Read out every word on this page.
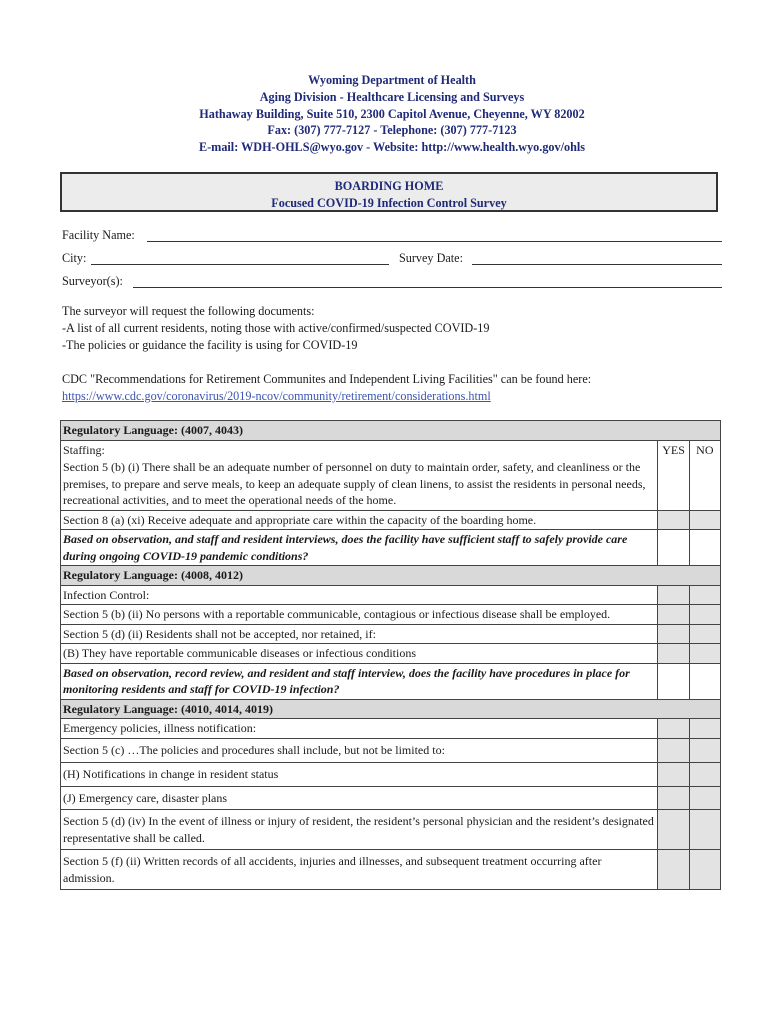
Wyoming Department of Health
Aging Division - Healthcare Licensing and Surveys
Hathaway Building, Suite 510, 2300 Capitol Avenue, Cheyenne, WY 82002
Fax: (307) 777-7127 - Telephone: (307) 777-7123
E-mail: WDH-OHLS@wyo.gov - Website: http://www.health.wyo.gov/ohls
BOARDING HOME
Focused COVID-19 Infection Control Survey
Facility Name:
City:	Survey Date:
Surveyor(s):
The surveyor will request the following documents:
-A list of all current residents, noting those with active/confirmed/suspected COVID-19
-The policies or guidance the facility is using for COVID-19
CDC "Recommendations for Retirement Communites and Independent Living Facilities" can be found here:
https://www.cdc.gov/coronavirus/2019-ncov/community/retirement/considerations.html
Regulatory Language: (4007, 4043)		
Staffing:	YES	NO
Section 5 (b) (i) There shall be an adequate number of personnel on duty to maintain order, safety, and cleanliness or the premises, to prepare and serve meals, to keep an adequate supply of clean linens, to assist the residents in personal needs, recreational activities, and to meet the operational needs of the home.		
Section 8 (a) (xi) Receive adequate and appropriate care within the capacity of the boarding home.		
Based on observation, and staff and resident interviews, does the facility have sufficient staff to safely provide care during ongoing COVID-19 pandemic conditions?		
Regulatory Language: (4008, 4012)		
Infection Control:		
Section 5 (b) (ii) No persons with a reportable communicable, contagious or infectious disease shall be employed.		
Section 5 (d) (ii) Residents shall not be accepted, nor retained, if:		
(B) They have reportable communicable diseases or infectious conditions		
Based on observation, record review, and resident and staff interview, does the facility have procedures in place for monitoring residents and staff for COVID-19 infection?		
Regulatory Language: (4010, 4014, 4019)		
Emergency policies, illness notification:		
Section 5 (c) …The policies and procedures shall include, but not be limited to:		
(H) Notifications in change in resident status		
(J) Emergency care, disaster plans		
Section 5 (d) (iv) In the event of illness or injury of resident, the resident’s personal physician and the resident’s designated representative shall be called.		
Section 5 (f) (ii) Written records of all accidents, injuries and illnesses, and subsequent treatment occurring after admission.		
